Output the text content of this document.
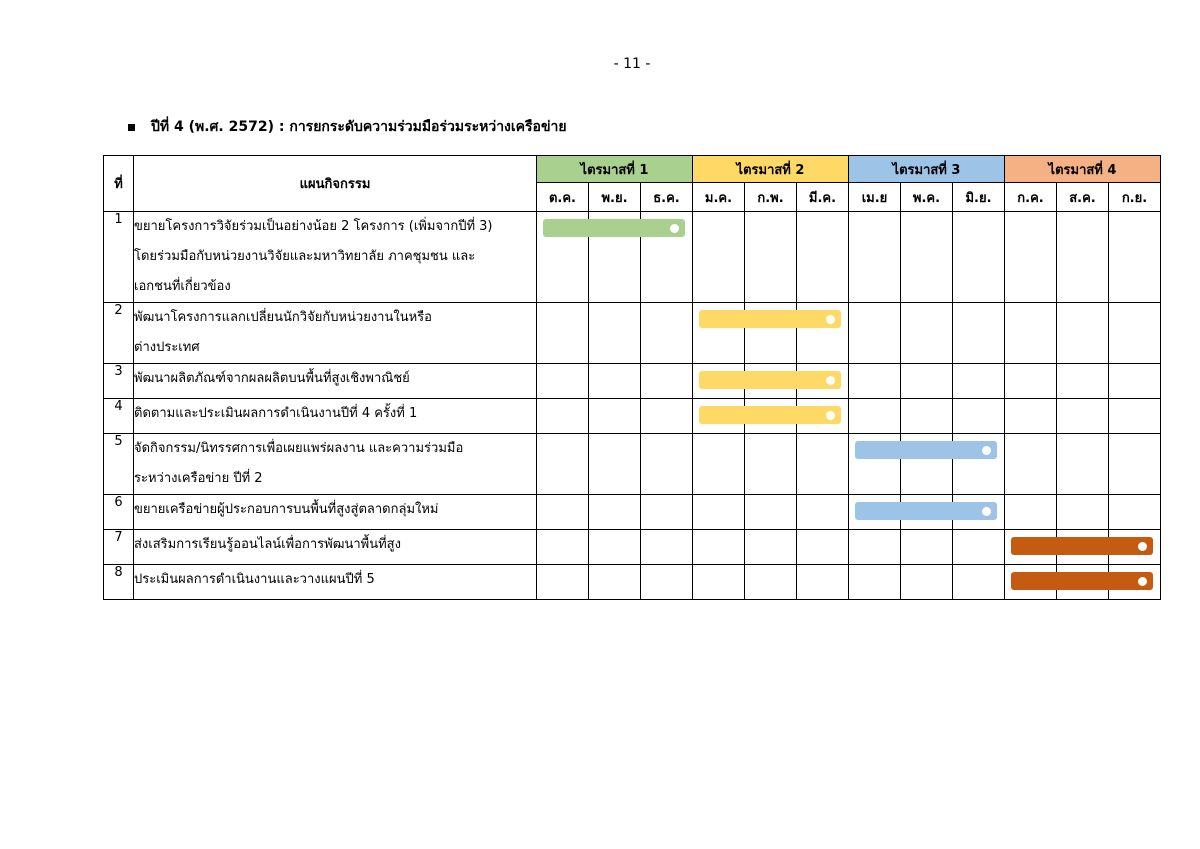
- 11 -
ปีที่ 4 (พ.ศ. 2572) : การยกระดับความร่วมมือร่วมระหว่างเครือข่าย
ที่	แผนกิจกรรม	ไตรมาสที่ 1			ไตรมาสที่ 2			ไตรมาสที่ 3			ไตรมาสที่ 4		
		ต.ค.	พ.ย.	ธ.ค.	ม.ค.	ก.พ.	มี.ค.	เม.ย	พ.ค.	มิ.ย.	ก.ค.	ส.ค.	ก.ย.
1	ขยายโครงการวิจัยร่วมเป็นอย่างน้อย 2 โครงการ (เพิ่มจากปีที่ 3)
โดยร่วมมือกับหน่วยงานวิจัยและมหาวิทยาลัย ภาคชุมชน และ
เอกชนที่เกี่ยวข้อง												

2	พัฒนาโครงการแลกเปลี่ยนนักวิจัยกับหน่วยงานในหรือ
ต่างประเทศ												

3	พัฒนาผลิตภัณฑ์จากผลผลิตบนพื้นที่สูงเชิงพาณิชย์												

4	ติดตามและประเมินผลการดำเนินงานปีที่ 4 ครั้งที่ 1												

5	จัดกิจกรรม/นิทรรศการเพื่อเผยแพร่ผลงาน และความร่วมมือ
ระหว่างเครือข่าย ปีที่ 2												

6	ขยายเครือข่ายผู้ประกอบการบนพื้นที่สูงสู่ตลาดกลุ่มใหม่												

7	ส่งเสริมการเรียนรู้ออนไลน์เพื่อการพัฒนาพื้นที่สูง												

8	ประเมินผลการดำเนินงานและวางแผนปีที่ 5												
